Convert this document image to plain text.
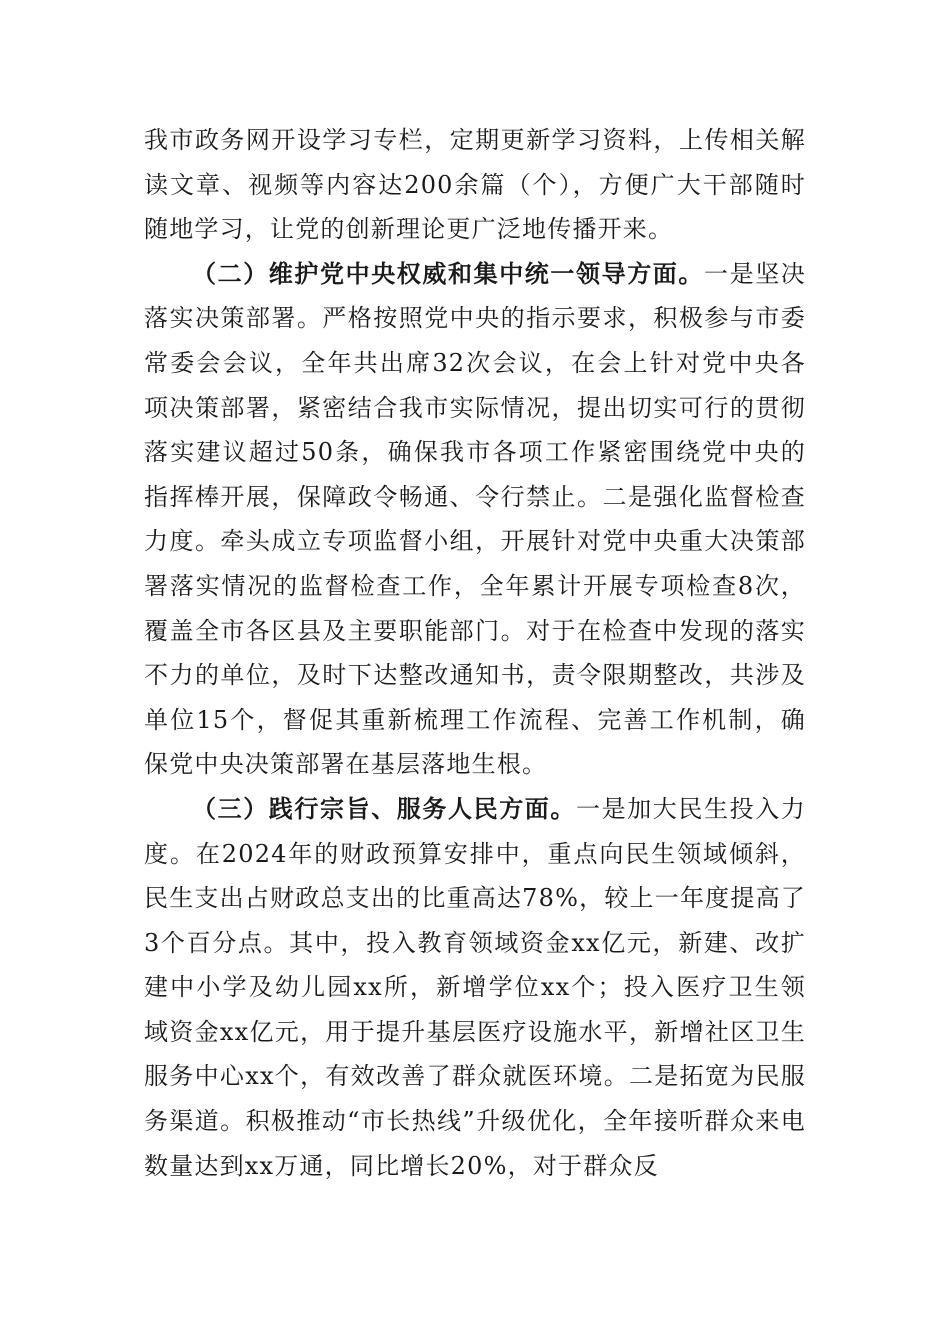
我市政务网开设学习专栏，定期更新学习资料，上传相关解读文章、视频等内容达200余篇（个），方便广大干部随时随地学习，让党的创新理论更广泛地传播开来。

（二）维护党中央权威和集中统一领导方面。一是坚决落实决策部署。严格按照党中央的指示要求，积极参与市委常委会会议，全年共出席32次会议，在会上针对党中央各项决策部署，紧密结合我市实际情况，提出切实可行的贯彻落实建议超过50条，确保我市各项工作紧密围绕党中央的指挥棒开展，保障政令畅通、令行禁止。二是强化监督检查力度。牵头成立专项监督小组，开展针对党中央重大决策部署落实情况的监督检查工作，全年累计开展专项检查8次，覆盖全市各区县及主要职能部门。对于在检查中发现的落实不力的单位，及时下达整改通知书，责令限期整改，共涉及单位15个，督促其重新梳理工作流程、完善工作机制，确保党中央决策部署在基层落地生根。

（三）践行宗旨、服务人民方面。一是加大民生投入力度。在2024年的财政预算安排中，重点向民生领域倾斜，民生支出占财政总支出的比重高达78%，较上一年度提高了3个百分点。其中，投入教育领域资金xx亿元，新建、改扩建中小学及幼儿园xx所，新增学位xx个；投入医疗卫生领域资金xx亿元，用于提升基层医疗设施水平，新增社区卫生服务中心xx个，有效改善了群众就医环境。二是拓宽为民服务渠道。积极推动“市长热线”升级优化，全年接听群众来电数量达到xx万通，同比增长20%，对于群众反
